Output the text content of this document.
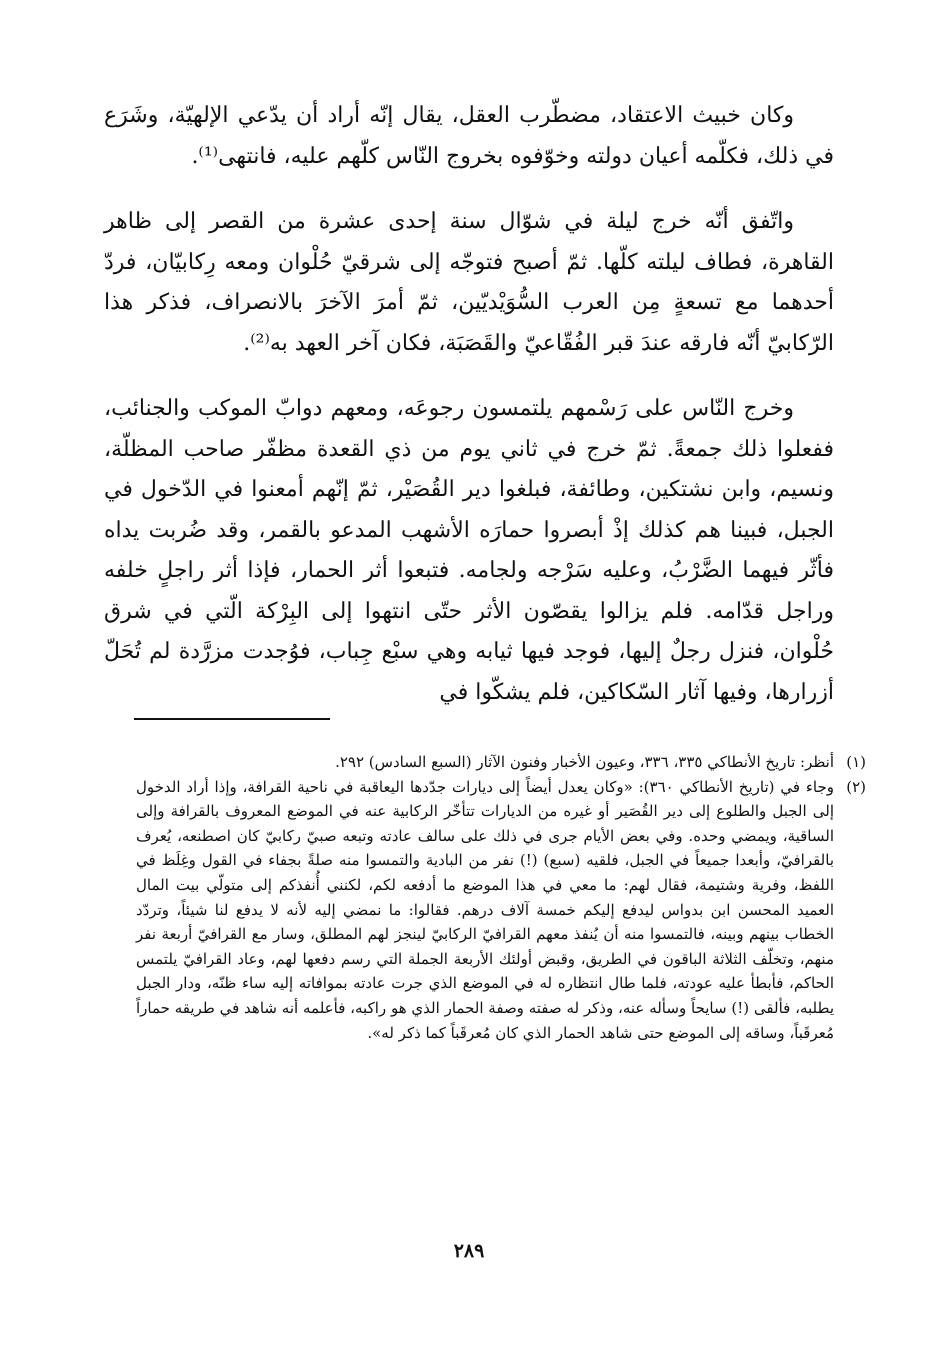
وكان خبيث الاعتقاد، مضطّرب العقل، يقال إنّه أراد أن يدّعي الإلهيّة، وشَرَع في ذلك، فكلّمه أعيان دولته وخوّفوه بخروج النّاس كلّهم عليه، فانتهى⁽¹⁾.

واتّفق أنّه خرج ليلة في شوّال سنة إحدى عشرة من القصر إلى ظاهر القاهرة، فطاف ليلته كلّها. ثمّ أصبح فتوجّه إلى شرقيّ حُلْوان ومعه رِكابيّان، فردّ أحدهما مع تسعةٍ مِن العرب السُّوَيْديّين، ثمّ أمرَ الآخرَ بالانصراف، فذكر هذا الرّكابيّ أنّه فارقه عندَ قبر الفُقّاعيّ والقَصَبَة، فكان آخر العهد به⁽²⁾.

وخرج النّاس على رَسْمهم يلتمسون رجوعَه، ومعهم دوابّ الموكب والجنائب، ففعلوا ذلك جمعةً. ثمّ خرج في ثاني يوم من ذي القعدة مظفّر صاحب المظلّة، ونسيم، وابن نشتكين، وطائفة، فبلغوا دير القُصَيْر، ثمّ إنّهم أمعنوا في الدّخول في الجبل، فبينا هم كذلك إذْ أبصروا حمارَه الأشهب المدعو بالقمر، وقد ضُربت يداه فأثّر فيهما الضَّرْبُ، وعليه سَرْجه ولجامه. فتبعوا أثر الحمار، فإذا أثر راجلٍ خلفه وراجل قدّامه. فلم يزالوا يقصّون الأثر حتّى انتهوا إلى البِرْكة الّتي في شرق حُلْوان، فنزل رجلٌ إليها، فوجد فيها ثيابه وهي سبْع جِباب، فوُجدت مزرَّدة لم تُحَلّ أزرارها، وفيها آثار السّكاكين، فلم يشكّوا في

(١)
أنظر: تاريخ الأنطاكي ٣٣٥، ٣٣٦، وعيون الأخبار وفنون الآثار (السبع السادس) ٢٩٢.
(٢)
وجاء في (تاريخ الأنطاكي ٣٦٠): «وكان يعدل أيضاً إلى ديارات جدّدها اليعاقبة في ناحية القرافة، وإذا أراد الدخول إلى الجبل والطلوع إلى دير القُصَير أو غيره من الديارات تتأخّر الركابية عنه في الموضع المعروف بالقرافة وإلى الساقية، ويمضي وحده. وفي بعض الأيام جرى في ذلك على سالف عادته وتبعه صبيّ ركابيّ كان اصطنعه، يُعرف بالقرافيّ، وأبعدا جميعاً في الجبل، فلقيه (سبع) (!) نفر من البادية والتمسوا منه صلةً بجفاء في القول وغِلَظ في اللفظ، وفرية وشتيمة، فقال لهم: ما معي في هذا الموضع ما أدفعه لكم، لكنني أُنفذكم إلى متولّي بيت المال العميد المحسن ابن بدواس ليدفع إليكم خمسة آلاف درهم. فقالوا: ما نمضي إليه لأنه لا يدفع لنا شيئاً، وتردّد الخطاب بينهم وبينه، فالتمسوا منه أن يُنفذ معهم القرافيّ الركابيّ لينجز لهم المطلق، وسار مع القرافيّ أربعة نفر منهم، وتخلّف الثلاثة الباقون في الطريق، وقبض أولئك الأربعة الجملة التي رسم دفعها لهم، وعاد القرافيّ يلتمس الحاكم، فأبطأ عليه عودته، فلما طال انتظاره له في الموضع الذي جرت عادته بموافاته إليه ساء ظنّه، ودار الجبل يطلبه، فألقى (!) سايحاً وسأله عنه، وذكر له صفته وصفة الحمار الذي هو راكبه، فأعلمه أنه شاهد في طريقه حماراً مُعرقَباً، وساقه إلى الموضع حتى شاهد الحمار الذي كان مُعرقَباً كما ذكر له».
٢٨٩
